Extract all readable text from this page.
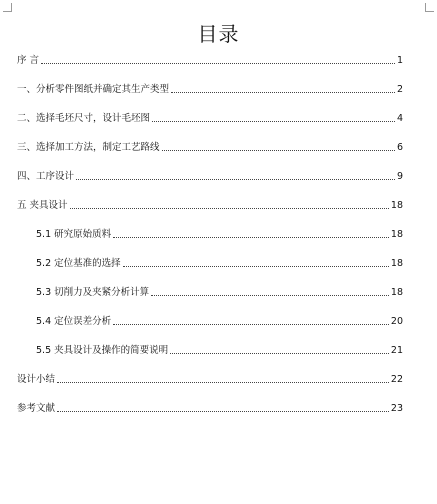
目录
序 言	1
一、分析零件图纸并确定其生产类型	2
二、选择毛坯尺寸，设计毛坯图	4
三、选择加工方法，制定工艺路线	6
四、工序设计	9
五 夹具设计	18
5.1 研究原始质料	18
5.2 定位基准的选择	18
5.3 切削力及夹紧分析计算	18
5.4 定位误差分析	20
5.5 夹具设计及操作的简要说明	21
设计小结	22
参考文献	23
